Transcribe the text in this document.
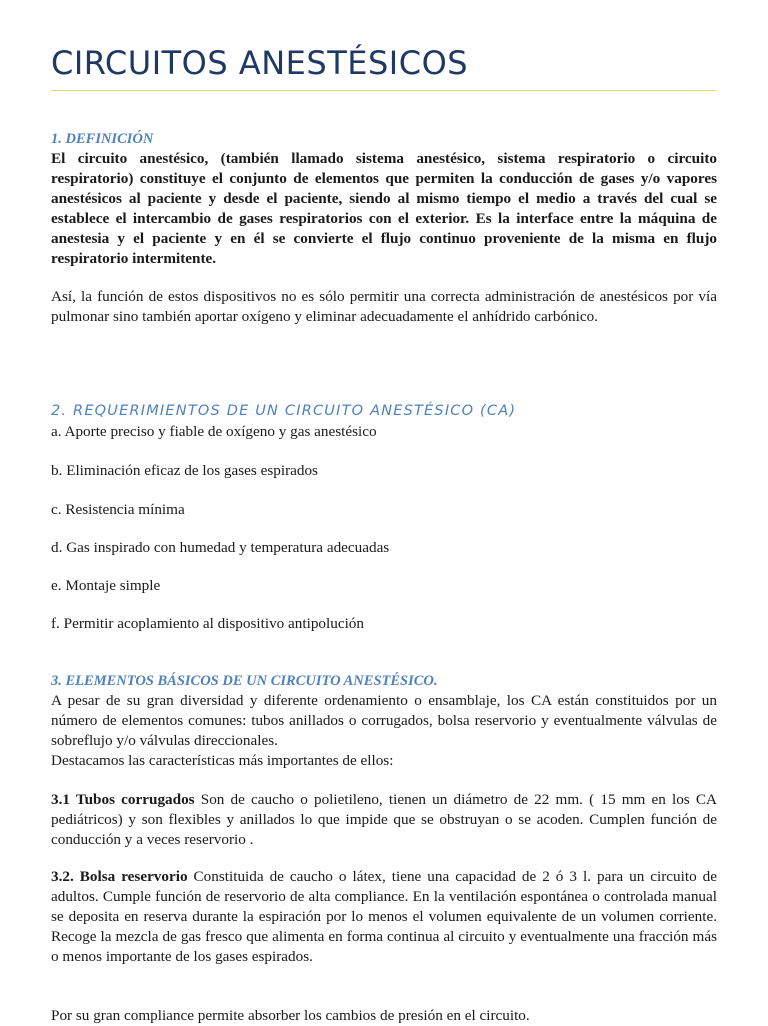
CIRCUITOS ANESTÉSICOS

1. DEFINICIÓN

El circuito anestésico, (también llamado sistema anestésico, sistema respiratorio o circuito respiratorio) constituye el conjunto de elementos que permiten la conducción de gases y/o vapores anestésicos al paciente y desde el paciente, siendo al mismo tiempo el medio a través del cual se establece el intercambio de gases respiratorios con el exterior. Es la interface entre la máquina de anestesia y el paciente y en él se convierte el flujo continuo proveniente de la misma en flujo respiratorio intermitente.

Así, la función de estos dispositivos no es sólo permitir una correcta administración de anestésicos por vía pulmonar sino también aportar oxígeno y eliminar adecuadamente el anhídrido carbónico.

2. REQUERIMIENTOS DE UN CIRCUITO ANESTÉSICO (CA)

a. Aporte preciso y fiable de oxígeno y gas anestésico

b. Eliminación eficaz de los gases espirados

c. Resistencia mínima

d. Gas inspirado con humedad y temperatura adecuadas

e. Montaje simple

f. Permitir acoplamiento al dispositivo antipolución

3. ELEMENTOS BÁSICOS DE UN CIRCUITO ANESTÉSICO.

A pesar de su gran diversidad y diferente ordenamiento o ensamblaje, los CA están constituidos por un número de elementos comunes: tubos anillados o corrugados, bolsa reservorio y eventualmente válvulas de sobreflujo y/o válvulas direccionales.

Destacamos las características más importantes de ellos:

3.1 Tubos corrugados Son de caucho o polietileno, tienen un diámetro de 22 mm. ( 15 mm en los CA pediátricos) y son flexibles y anillados lo que impide que se obstruyan o se acoden. Cumplen función de conducción y a veces reservorio .

3.2. Bolsa reservorio Constituida de caucho o látex, tiene una capacidad de 2 ó 3 l. para un circuito de adultos. Cumple función de reservorio de alta compliance. En la ventilación espontánea o controlada manual se deposita en reserva durante la espiración por lo menos el volumen equivalente de un volumen corriente. Recoge la mezcla de gas fresco que alimenta en forma continua al circuito y eventualmente una fracción más o menos importante de los gases espirados.

Por su gran compliance permite absorber los cambios de presión en el circuito.
